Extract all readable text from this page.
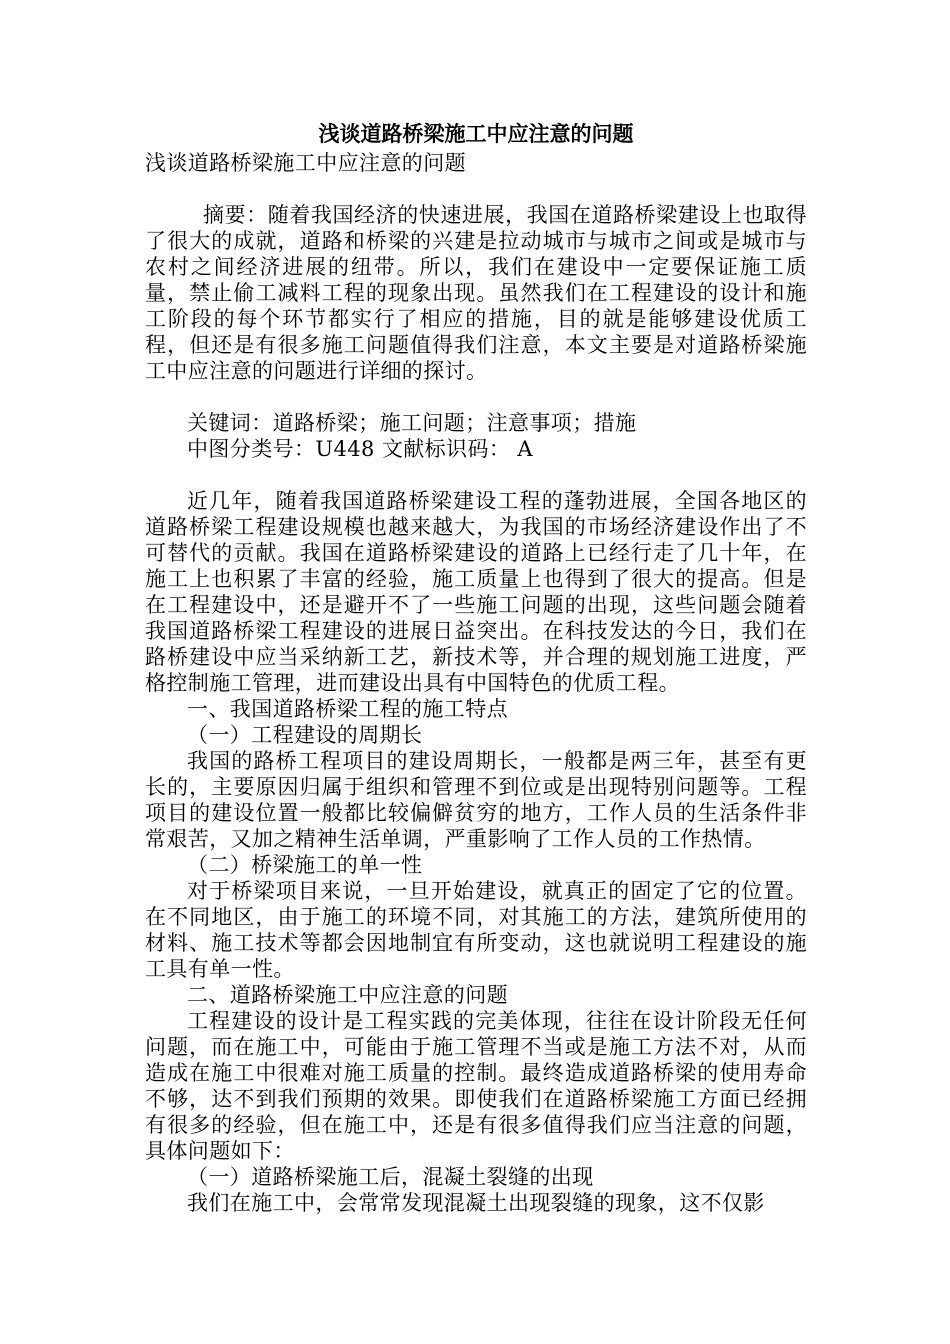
浅谈道路桥梁施工中应注意的问题

浅谈道路桥梁施工中应注意的问题

摘要：随着我国经济的快速进展，我国在道路桥梁建设上也取得了很大的成就，道路和桥梁的兴建是拉动城市与城市之间或是城市与农村之间经济进展的纽带。所以，我们在建设中一定要保证施工质量，禁止偷工减料工程的现象出现。虽然我们在工程建设的设计和施工阶段的每个环节都实行了相应的措施，目的就是能够建设优质工程，但还是有很多施工问题值得我们注意，本文主要是对道路桥梁施工中应注意的问题进行详细的探讨。

关键词：道路桥梁；施工问题；注意事项；措施

中图分类号：U448 文献标识码： A

近几年，随着我国道路桥梁建设工程的蓬勃进展，全国各地区的道路桥梁工程建设规模也越来越大，为我国的市场经济建设作出了不可替代的贡献。我国在道路桥梁建设的道路上已经行走了几十年，在施工上也积累了丰富的经验，施工质量上也得到了很大的提高。但是在工程建设中，还是避开不了一些施工问题的出现，这些问题会随着我国道路桥梁工程建设的进展日益突出。在科技发达的今日，我们在路桥建设中应当采纳新工艺，新技术等，并合理的规划施工进度，严格控制施工管理，进而建设出具有中国特色的优质工程。

一、我国道路桥梁工程的施工特点

（一）工程建设的周期长

我国的路桥工程项目的建设周期长，一般都是两三年，甚至有更长的，主要原因归属于组织和管理不到位或是出现特别问题等。工程项目的建设位置一般都比较偏僻贫穷的地方，工作人员的生活条件非常艰苦，又加之精神生活单调，严重影响了工作人员的工作热情。

（二）桥梁施工的单一性

对于桥梁项目来说，一旦开始建设，就真正的固定了它的位置。在不同地区，由于施工的环境不同，对其施工的方法，建筑所使用的材料、施工技术等都会因地制宜有所变动，这也就说明工程建设的施工具有单一性。

二、道路桥梁施工中应注意的问题

工程建设的设计是工程实践的完美体现，往往在设计阶段无任何问题，而在施工中，可能由于施工管理不当或是施工方法不对，从而造成在施工中很难对施工质量的控制。最终造成道路桥梁的使用寿命不够，达不到我们预期的效果。即使我们在道路桥梁施工方面已经拥有很多的经验，但在施工中，还是有很多值得我们应当注意的问题，具体问题如下：

（一）道路桥梁施工后，混凝土裂缝的出现

我们在施工中，会常常发现混凝土出现裂缝的现象，这不仅影
